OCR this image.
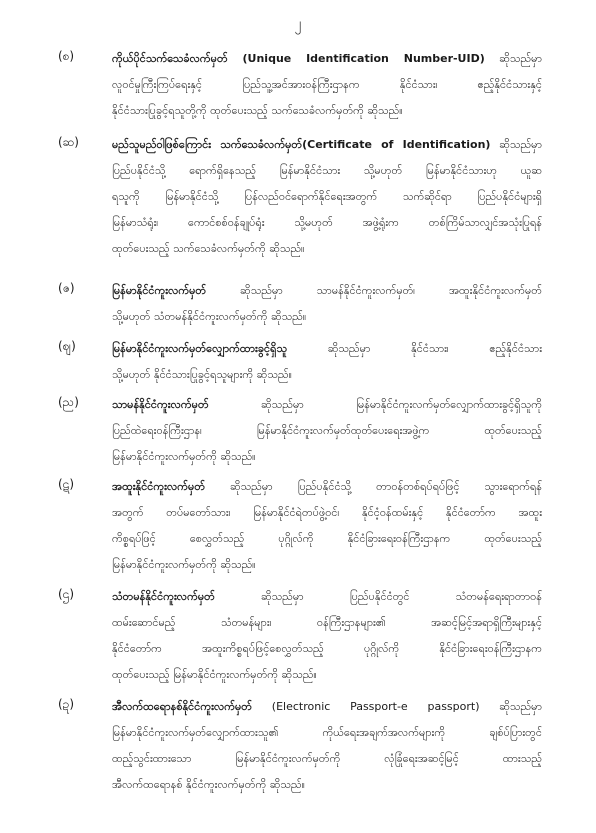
၂
(စ)	ကိုယ်ပိုင်သက်သေခံလက်မှတ် (Unique Identification Number-UID) ဆိုသည်မှာ
လူဝင်မှုကြီးကြပ်ရေးနှင့် ပြည်သူ့အင်အားဝန်ကြီးဌာနက နိုင်ငံသား၊ ဧည့်နိုင်ငံသားနှင့်
နိုင်ငံသားပြုခွင့်ရသူတို့ကို ထုတ်ပေးသည့် သက်သေခံလက်မှတ်ကို ဆိုသည်။
(ဆ)	မည်သူမည်ဝါဖြစ်ကြောင်း သက်သေခံလက်မှတ်(Certificate of Identification) ဆိုသည်မှာ
ပြည်ပနိုင်ငံသို့ ရောက်ရှိနေသည့် မြန်မာနိုင်ငံသား သို့မဟုတ် မြန်မာနိုင်ငံသားဟု ယူဆ
ရသူကို မြန်မာနိုင်ငံသို့ ပြန်လည်ဝင်ရောက်နိုင်ရေးအတွက် သက်ဆိုင်ရာ ပြည်ပနိုင်ငံများရှိ
မြန်မာသံရုံး၊ ကောင်စစ်ဝန်ချုပ်ရုံး သို့မဟုတ် အဖွဲ့ရုံးက တစ်ကြိမ်သာလျှင်အသုံးပြုရန်
ထုတ်ပေးသည့် သက်သေခံလက်မှတ်ကို ဆိုသည်။
(ဇ)	မြန်မာနိုင်ငံကူးလက်မှတ် ဆိုသည်မှာ သာမန်နိုင်ငံကူးလက်မှတ်၊ အထူးနိုင်ငံကူးလက်မှတ်
သို့မဟုတ် သံတမန်နိုင်ငံကူးလက်မှတ်ကို ဆိုသည်။
(ဈ)	မြန်မာနိုင်ငံကူးလက်မှတ်လျှောက်ထားခွင့်ရှိသူ ဆိုသည်မှာ နိုင်ငံသား၊ ဧည့်နိုင်ငံသား
သို့မဟုတ် နိုင်ငံသားပြုခွင့်ရသူများကို ဆိုသည်။
(ည)	သာမန်နိုင်ငံကူးလက်မှတ် ဆိုသည်မှာ မြန်မာနိုင်ငံကူးလက်မှတ်လျှောက်ထားခွင့်ရှိသူကို
ပြည်ထဲရေးဝန်ကြီးဌာန၊ မြန်မာနိုင်ငံကူးလက်မှတ်ထုတ်ပေးရေးအဖွဲ့က ထုတ်ပေးသည့်
မြန်မာနိုင်ငံကူးလက်မှတ်ကို ဆိုသည်။
(ဋ)	အထူးနိုင်ငံကူးလက်မှတ် ဆိုသည်မှာ ပြည်ပနိုင်ငံသို့ တာဝန်တစ်ရပ်ရပ်ဖြင့် သွားရောက်ရန်
အတွက် တပ်မတော်သား၊ မြန်မာနိုင်ငံရဲတပ်ဖွဲ့ဝင်၊ နိုင်ငံ့ဝန်ထမ်းနှင့် နိုင်ငံတော်က အထူး
ကိစ္စရပ်ဖြင့် စေလွှတ်သည့် ပုဂ္ဂိုလ်ကို နိုင်ငံခြားရေးဝန်ကြီးဌာနက ထုတ်ပေးသည့်
မြန်မာနိုင်ငံကူးလက်မှတ်ကို ဆိုသည်။
(ဌ)	သံတမန်နိုင်ငံကူးလက်မှတ် ဆိုသည်မှာ ပြည်ပနိုင်ငံတွင် သံတမန်ရေးရာတာဝန်
ထမ်းဆောင်မည့် သံတမန်များ၊ ဝန်ကြီးဌာနများ၏ အဆင့်မြင့်အရာရှိကြီးများနှင့်
နိုင်ငံတော်က အထူးကိစ္စရပ်ဖြင့်စေလွှတ်သည့် ပုဂ္ဂိုလ်ကို နိုင်ငံခြားရေးဝန်ကြီးဌာနက
ထုတ်ပေးသည့် မြန်မာနိုင်ငံကူးလက်မှတ်ကို ဆိုသည်။
(ဍ)	အီလက်ထရောနစ်နိုင်ငံကူးလက်မှတ် (Electronic Passport-e passport) ဆိုသည်မှာ
မြန်မာနိုင်ငံကူးလက်မှတ်လျှောက်ထားသူ၏ ကိုယ်ရေးအချက်အလက်များကို ချစ်ပ်ပြားတွင်
ထည့်သွင်းထားသော မြန်မာနိုင်ငံကူးလက်မှတ်ကို လုံခြုံရေးအဆင့်မြင့် ထားသည့်
အီလက်ထရောနစ် နိုင်ငံကူးလက်မှတ်ကို ဆိုသည်။
